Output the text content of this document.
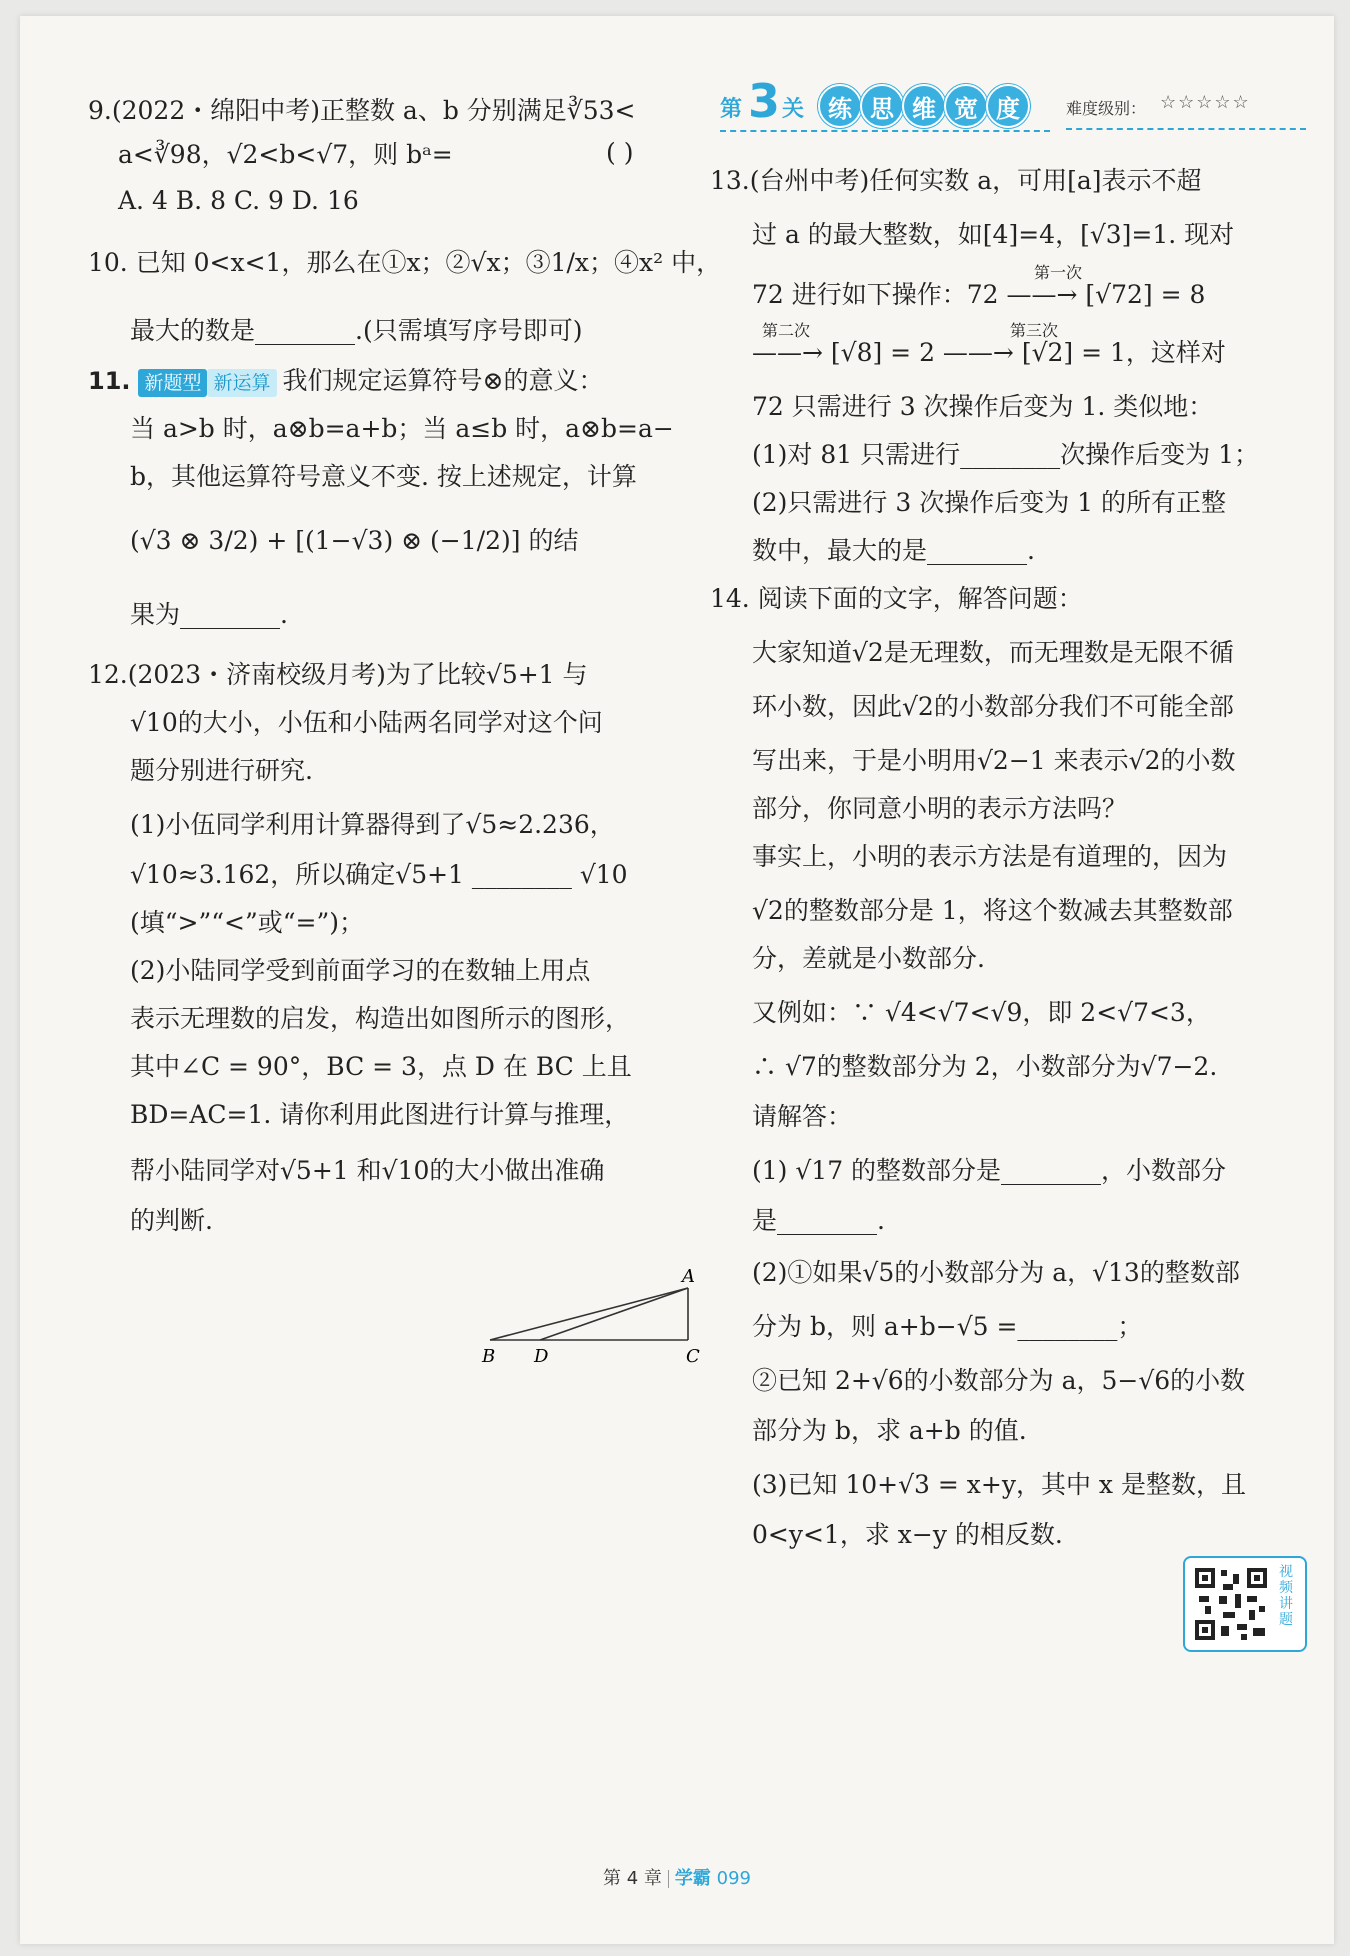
9.(2022・绵阳中考)正整数 a、b 分别满足∛53<
a<∛98，√2<b<√7，则 bᵃ=	( )
A. 4 B. 8 C. 9 D. 16
10. 已知 0<x<1，那么在①x；②√x；③1/x；④x² 中，
最大的数是________.(只需填写序号即可)
11. 新题型 新运算 我们规定运算符号⊗的意义：
当 a>b 时，a⊗b=a+b；当 a≤b 时，a⊗b=a−
b，其他运算符号意义不变. 按上述规定，计算
(√3 ⊗ 3/2) + [(1−√3) ⊗ (−1/2)] 的结
果为________.
12.(2023・济南校级月考)为了比较√5+1 与
√10的大小，小伍和小陆两名同学对这个问
题分别进行研究.
(1)小伍同学利用计算器得到了√5≈2.236，
√10≈3.162，所以确定√5+1 ________ √10
(填“>”“<”或“=”)；
(2)小陆同学受到前面学习的在数轴上用点
表示无理数的启发，构造出如图所示的图形，
其中∠C = 90°，BC = 3，点 D 在 BC 上且
BD=AC=1. 请你利用此图进行计算与推理，
帮小陆同学对√5+1 和√10的大小做出准确
的判断.
A
B	C
D
第 3 关 练 思 维 宽 度	难度级别： ☆☆☆☆☆
13.(台州中考)任何实数 a，可用[a]表示不超
过 a 的最大整数，如[4]=4，[√3]=1. 现对
72 进行如下操作：72 ——→ [√72] = 8
第一次
——→ [√8] = 2 ——→ [√2] = 1，这样对
第二次	第三次
72 只需进行 3 次操作后变为 1. 类似地：
(1)对 81 只需进行________次操作后变为 1；
(2)只需进行 3 次操作后变为 1 的所有正整
数中，最大的是________.
14. 阅读下面的文字，解答问题：
大家知道√2是无理数，而无理数是无限不循
环小数，因此√2的小数部分我们不可能全部
写出来，于是小明用√2−1 来表示√2的小数
部分，你同意小明的表示方法吗？
事实上，小明的表示方法是有道理的，因为
√2的整数部分是 1，将这个数减去其整数部
分，差就是小数部分.
又例如：∵ √4<√7<√9，即 2<√7<3，
∴ √7的整数部分为 2，小数部分为√7−2.
请解答：
(1) √17 的整数部分是________，小数部分
是________.
(2)①如果√5的小数部分为 a，√13的整数部
分为 b，则 a+b−√5 =________；
②已知 2+√6的小数部分为 a，5−√6的小数
部分为 b，求 a+b 的值.
(3)已知 10+√3 = x+y，其中 x 是整数，且
0<y<1，求 x−y 的相反数.
视频讲题
第 4 章 学霸 099
